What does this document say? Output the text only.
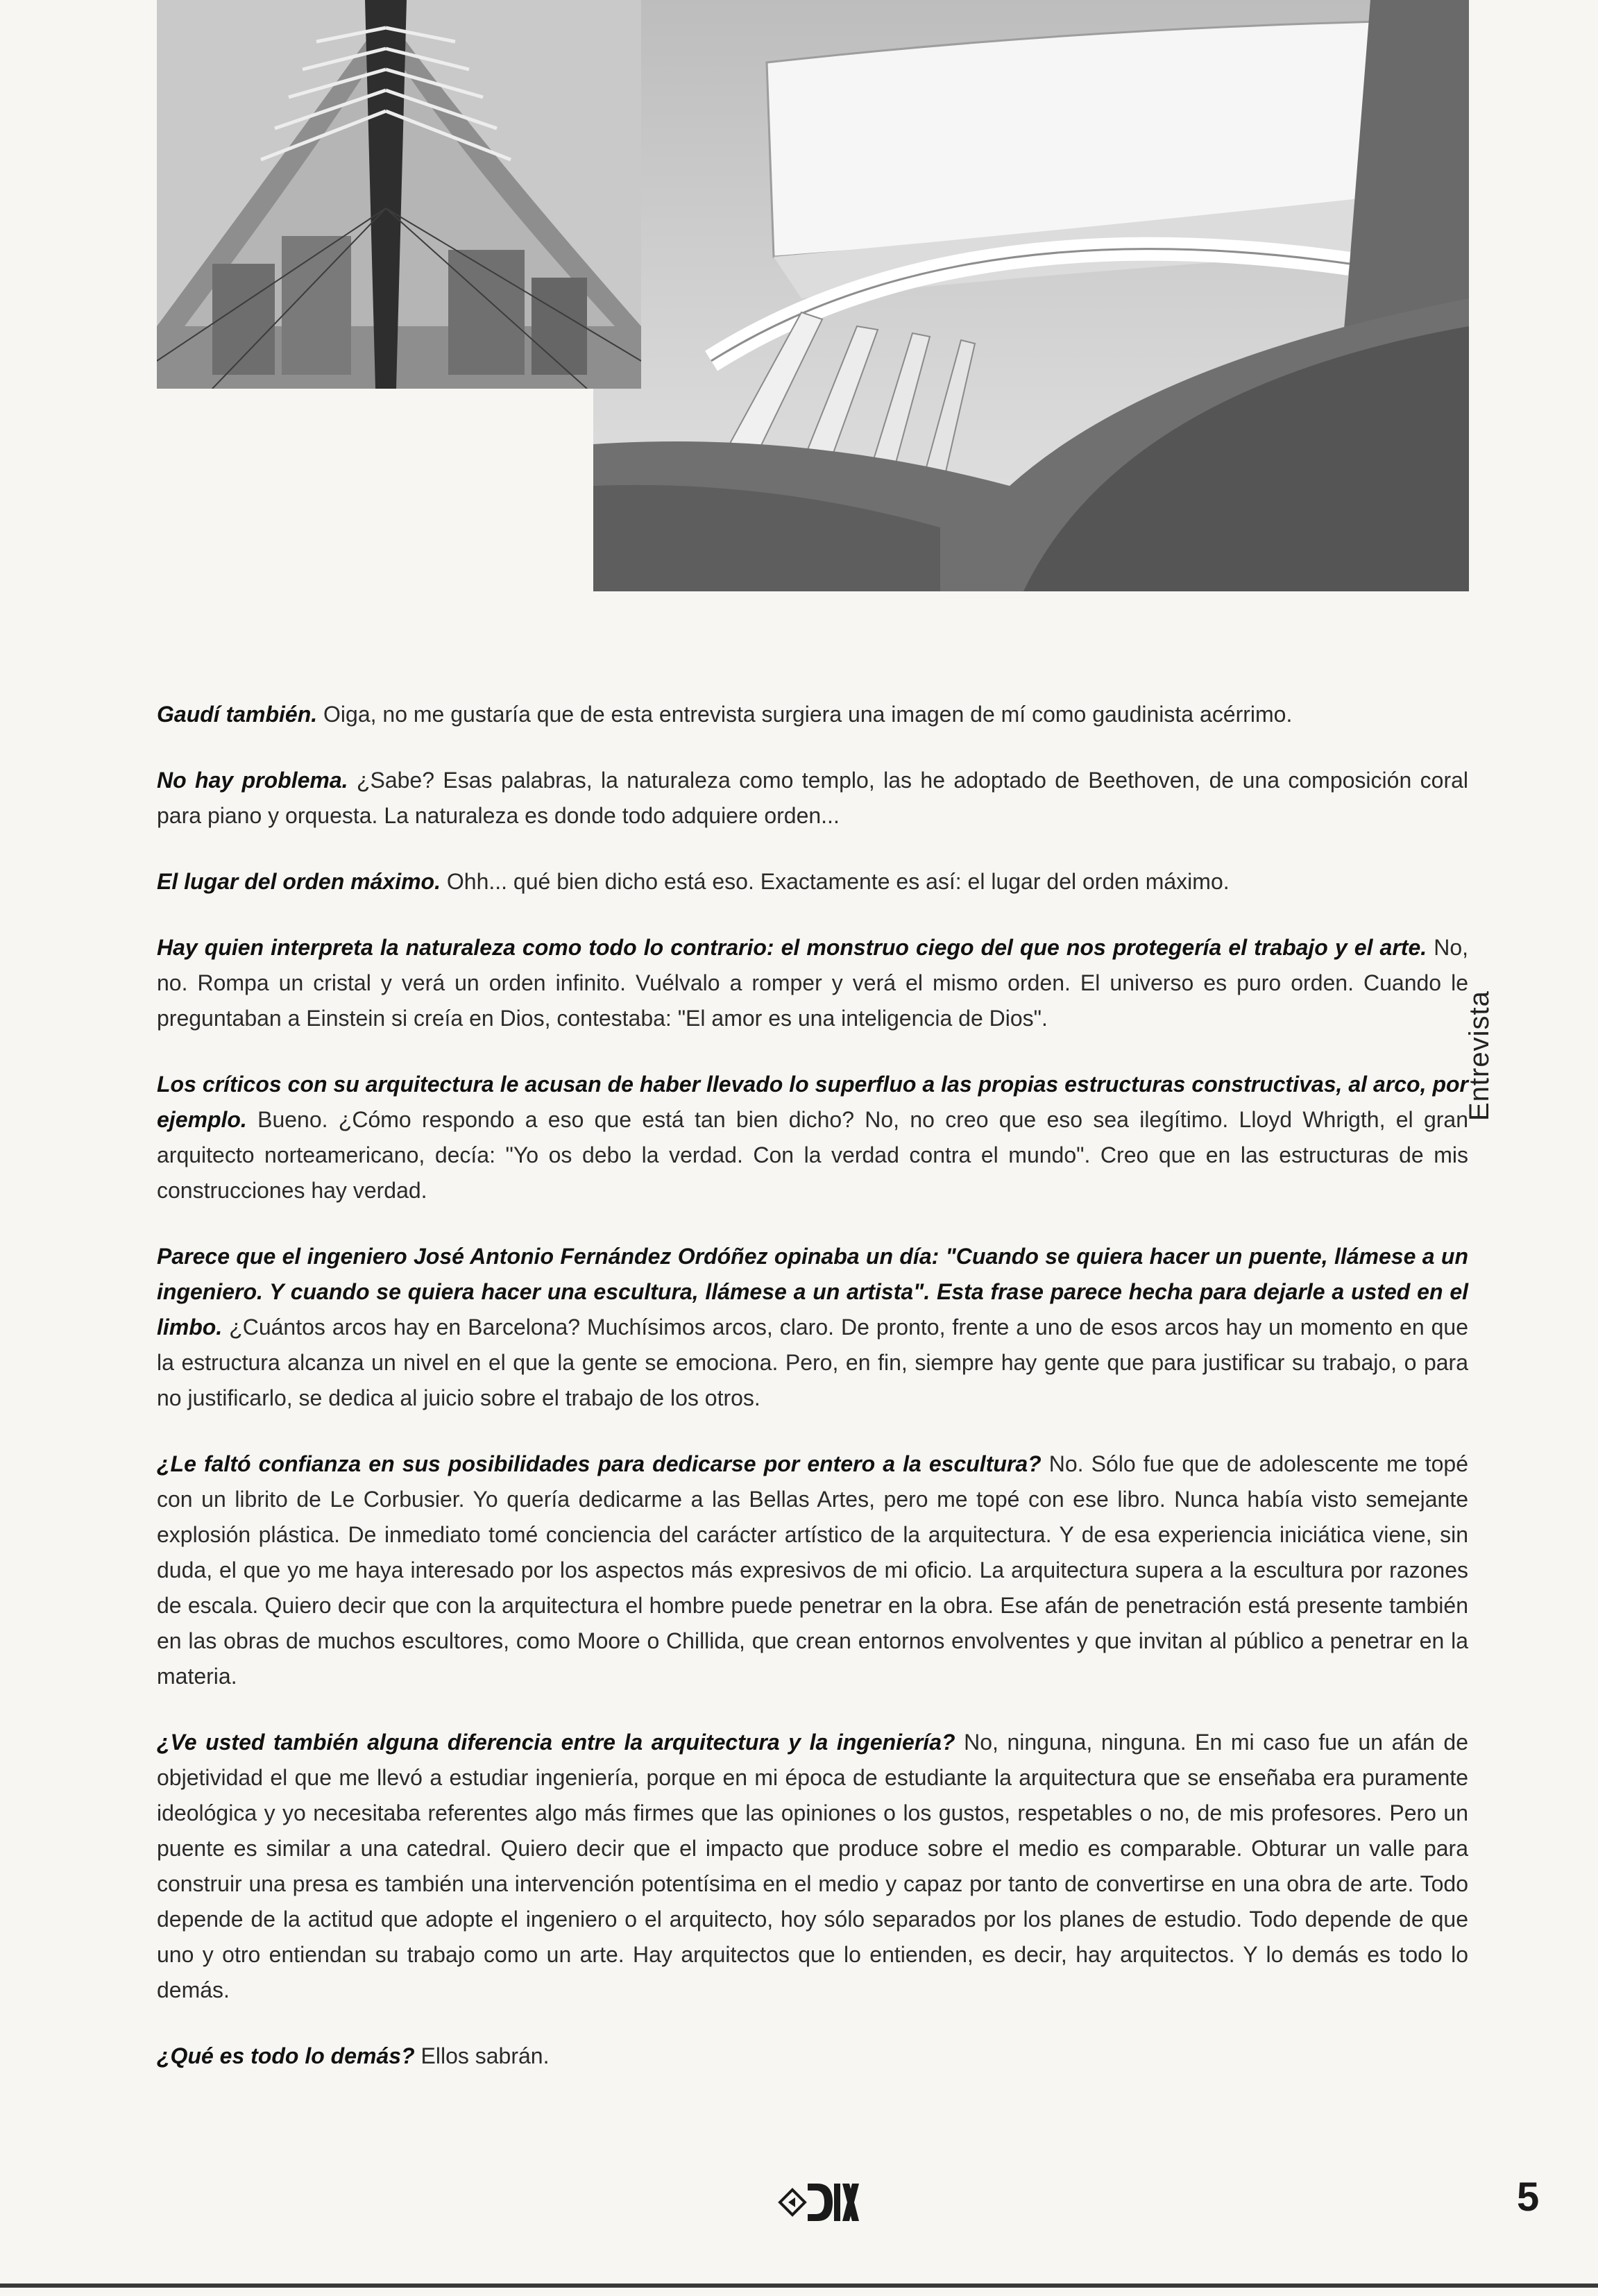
Gaudí también. Oiga, no me gustaría que de esta entrevista surgiera una imagen de mí como gaudinista acérrimo.

No hay problema. ¿Sabe? Esas palabras, la naturaleza como templo, las he adoptado de Beethoven, de una composición coral para piano y orquesta. La naturaleza es donde todo adquiere orden...

El lugar del orden máximo. Ohh... qué bien dicho está eso. Exactamente es así: el lugar del orden máximo.

Hay quien interpreta la naturaleza como todo lo contrario: el monstruo ciego del que nos protegería el trabajo y el arte. No, no. Rompa un cristal y verá un orden infinito. Vuélvalo a romper y verá el mismo orden. El universo es puro orden. Cuando le preguntaban a Einstein si creía en Dios, contestaba: "El amor es una inteligencia de Dios".

Los críticos con su arquitectura le acusan de haber llevado lo superfluo a las propias estructuras constructivas, al arco, por ejemplo. Bueno. ¿Cómo respondo a eso que está tan bien dicho? No, no creo que eso sea ilegítimo. Lloyd Whrigth, el gran arquitecto norteamericano, decía: "Yo os debo la verdad. Con la verdad contra el mundo". Creo que en las estructuras de mis construcciones hay verdad.

Parece que el ingeniero José Antonio Fernández Ordóñez opinaba un día: "Cuando se quiera hacer un puente, llámese a un ingeniero. Y cuando se quiera hacer una escultura, llámese a un artista". Esta frase parece hecha para dejarle a usted en el limbo. ¿Cuántos arcos hay en Barcelona? Muchísimos arcos, claro. De pronto, frente a uno de esos arcos hay un momento en que la estructura alcanza un nivel en el que la gente se emociona. Pero, en fin, siempre hay gente que para justificar su trabajo, o para no justificarlo, se dedica al juicio sobre el trabajo de los otros.

¿Le faltó confianza en sus posibilidades para dedicarse por entero a la escultura? No. Sólo fue que de adolescente me topé con un librito de Le Corbusier. Yo quería dedicarme a las Bellas Artes, pero me topé con ese libro. Nunca había visto semejante explosión plástica. De inmediato tomé conciencia del carácter artístico de la arquitectura. Y de esa experiencia iniciática viene, sin duda, el que yo me haya interesado por los aspectos más expresivos de mi oficio. La arquitectura supera a la escultura por razones de escala. Quiero decir que con la arquitectura el hombre puede penetrar en la obra. Ese afán de penetración está presente también en las obras de muchos escultores, como Moore o Chillida, que crean entornos envolventes y que invitan al público a penetrar en la materia.

¿Ve usted también alguna diferencia entre la arquitectura y la ingeniería? No, ninguna, ninguna. En mi caso fue un afán de objetividad el que me llevó a estudiar ingeniería, porque en mi época de estudiante la arquitectura que se enseñaba era puramente ideológica y yo necesitaba referentes algo más firmes que las opiniones o los gustos, respetables o no, de mis profesores. Pero un puente es similar a una catedral. Quiero decir que el impacto que produce sobre el medio es comparable. Obturar un valle para construir una presa es también una intervención potentísima en el medio y capaz por tanto de convertirse en una obra de arte. Todo depende de la actitud que adopte el ingeniero o el arquitecto, hoy sólo separados por los planes de estudio. Todo depende de que uno y otro entiendan su trabajo como un arte. Hay arquitectos que lo entienden, es decir, hay arquitectos. Y lo demás es todo lo demás.

¿Qué es todo lo demás? Ellos sabrán.

Entrevista
5
